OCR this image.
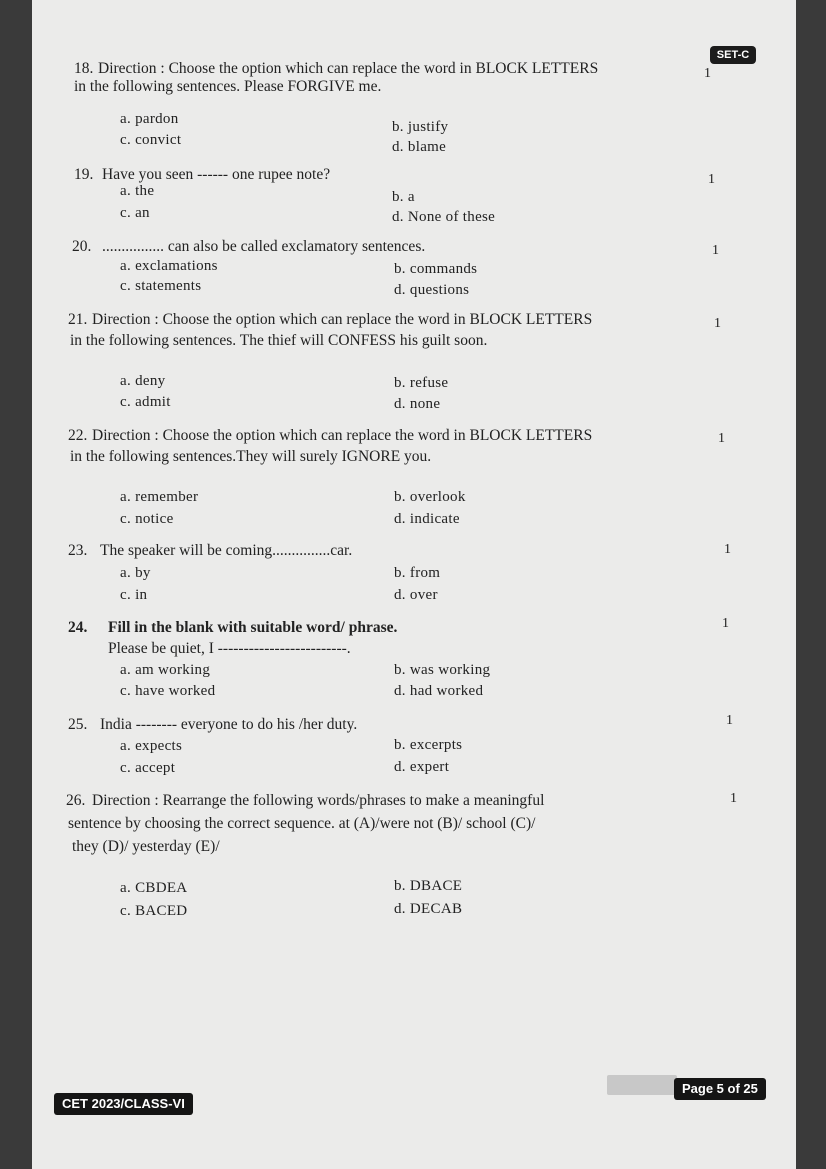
SET-C
18. Direction : Choose the option which can replace the word in BLOCK LETTERS
in the following sentences. Please FORGIVE me.
1
a. pardon	b. justify
c. convict	d. blame
19. Have you seen ------ one rupee note?	1
a. the	b. a
c. an	d. None of these
20. ................ can also be called exclamatory sentences.	1
a. exclamations	b. commands
c. statements	d. questions
21. Direction : Choose the option which can replace the word in BLOCK LETTERS
in the following sentences. The thief will CONFESS his guilt soon.
1
a. deny	b. refuse
c. admit	d. none
22. Direction : Choose the option which can replace the word in BLOCK LETTERS
in the following sentences.They will surely IGNORE you.
1
a. remember	b. overlook
c. notice	d. indicate
23. The speaker will be coming...............car.	1
a. by	b. from
c. in	d. over
24. Fill in the blank with suitable word/ phrase.
Please be quiet, I -------------------------.
1
a. am working	b. was working
c. have worked	d. had worked
25. India -------- everyone to do his /her duty.	1
a. expects	b. excerpts
c. accept	d. expert
26. Direction : Rearrange the following words/phrases to make a meaningful
sentence by choosing the correct sequence. at (A)/were not (B)/ school (C)/
they (D)/ yesterday (E)/
1
a. CBDEA	b. DBACE
c. BACED	d. DECAB
Page 5 of 25
CET 2023/CLASS-VI
